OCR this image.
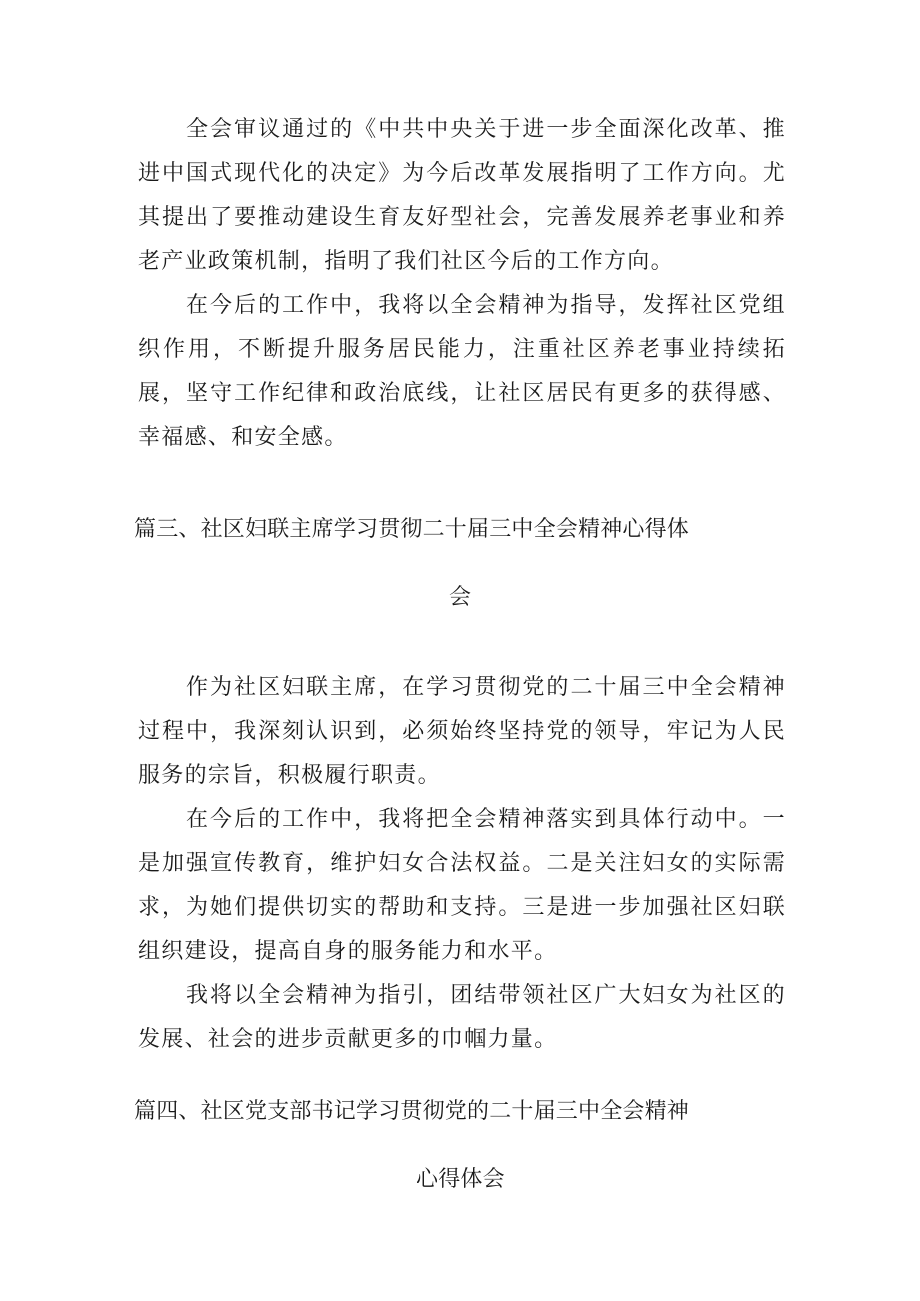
全会审议通过的《中共中央关于进一步全面深化改革、推进中国式现代化的决定》为今后改革发展指明了工作方向。尤其提出了要推动建设生育友好型社会，完善发展养老事业和养老产业政策机制，指明了我们社区今后的工作方向。

在今后的工作中，我将以全会精神为指导，发挥社区党组织作用，不断提升服务居民能力，注重社区养老事业持续拓展，坚守工作纪律和政治底线，让社区居民有更多的获得感、幸福感、和安全感。

篇三、社区妇联主席学习贯彻二十届三中全会精神心得体
会

作为社区妇联主席，在学习贯彻党的二十届三中全会精神过程中，我深刻认识到，必须始终坚持党的领导，牢记为人民服务的宗旨，积极履行职责。

在今后的工作中，我将把全会精神落实到具体行动中。一是加强宣传教育，维护妇女合法权益。二是关注妇女的实际需求，为她们提供切实的帮助和支持。三是进一步加强社区妇联组织建设，提高自身的服务能力和水平。

我将以全会精神为指引，团结带领社区广大妇女为社区的发展、社会的进步贡献更多的巾帼力量。

篇四、社区党支部书记学习贯彻党的二十届三中全会精神
心得体会
